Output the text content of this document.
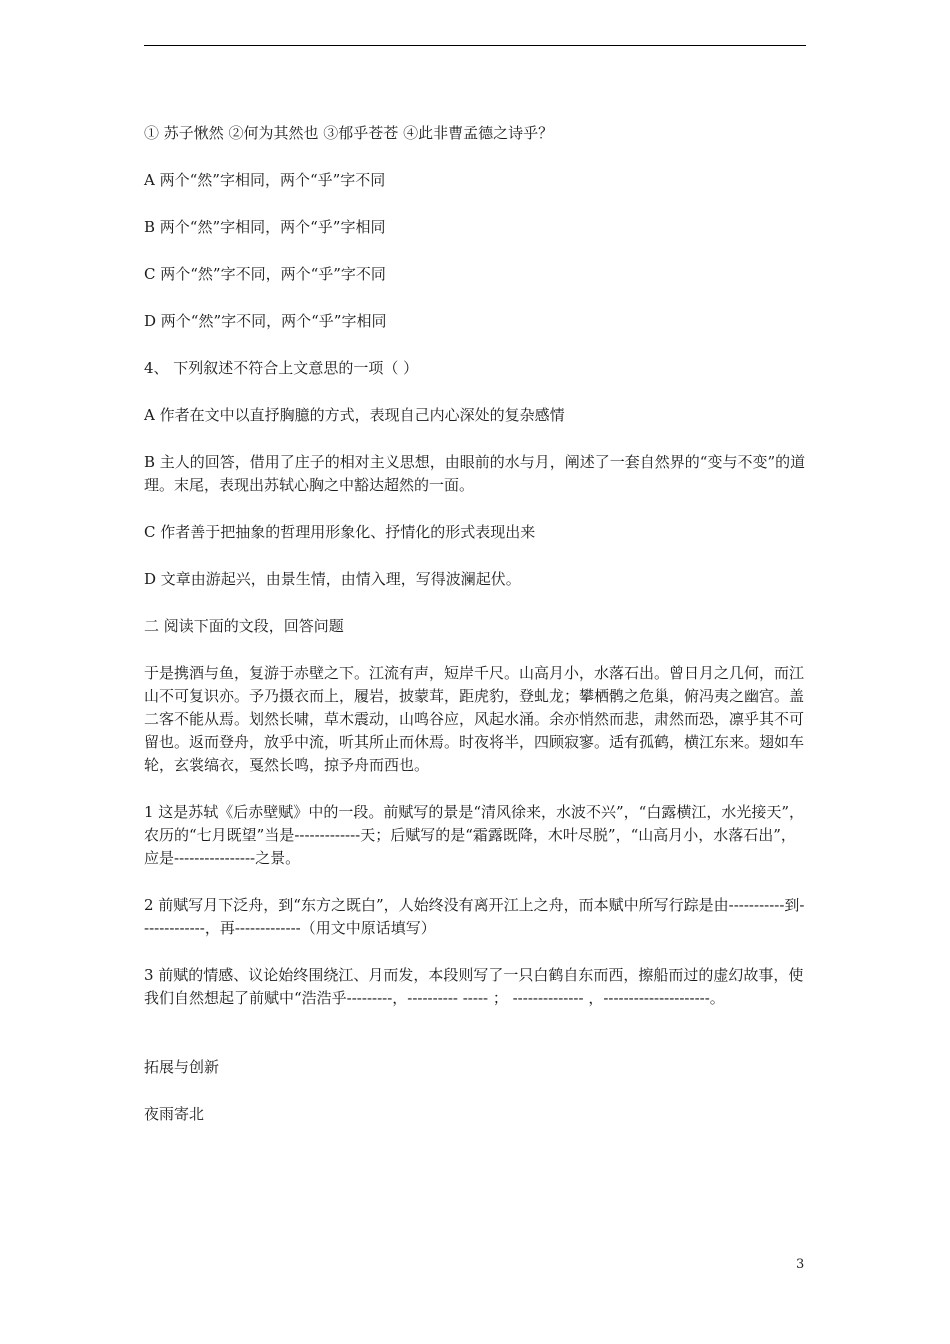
① 苏子愀然 ②何为其然也 ③郁乎苍苍 ④此非曹孟德之诗乎？

A 两个“然”字相同，两个“乎”字不同

B 两个“然”字相同，两个“乎”字相同

C 两个“然”字不同，两个“乎”字不同

D 两个“然”字不同，两个“乎”字相同

4、 下列叙述不符合上文意思的一项（ ）

A 作者在文中以直抒胸臆的方式，表现自己内心深处的复杂感情

B 主人的回答，借用了庄子的相对主义思想，由眼前的水与月，阐述了一套自然界的“变与不变”的道理。末尾，表现出苏轼心胸之中豁达超然的一面。

C 作者善于把抽象的哲理用形象化、抒情化的形式表现出来

D 文章由游起兴，由景生情，由情入理，写得波澜起伏。

二 阅读下面的文段，回答问题

于是携酒与鱼，复游于赤壁之下。江流有声，短岸千尺。山高月小，水落石出。曾日月之几何，而江山不可复识亦。予乃摄衣而上，履岩，披蒙茸，距虎豹，登虬龙；攀栖鹘之危巢，俯冯夷之幽宫。盖二客不能从焉。划然长啸，草木震动，山鸣谷应，风起水涌。余亦悄然而悲，肃然而恐，凛乎其不可留也。返而登舟，放乎中流，听其所止而休焉。时夜将半，四顾寂寥。适有孤鹤，横江东来。翅如车轮，玄裳缟衣，戛然长鸣，掠予舟而西也。

1 这是苏轼《后赤壁赋》中的一段。前赋写的景是“清风徐来，水波不兴”，“白露横江，水光接天”，农历的“七月既望”当是-------------天；后赋写的是“霜露既降，木叶尽脱”，“山高月小，水落石出”，应是----------------之景。

2 前赋写月下泛舟，到“东方之既白”，人始终没有离开江上之舟，而本赋中所写行踪是由-----------到-------------，再-------------（用文中原话填写）

3 前赋的情感、议论始终围绕江、月而发，本段则写了一只白鹤自东而西，擦船而过的虚幻故事，使我们自然想起了前赋中“浩浩乎---------，---------- ----- ； -------------- ，---------------------。

拓展与创新

夜雨寄北

3
